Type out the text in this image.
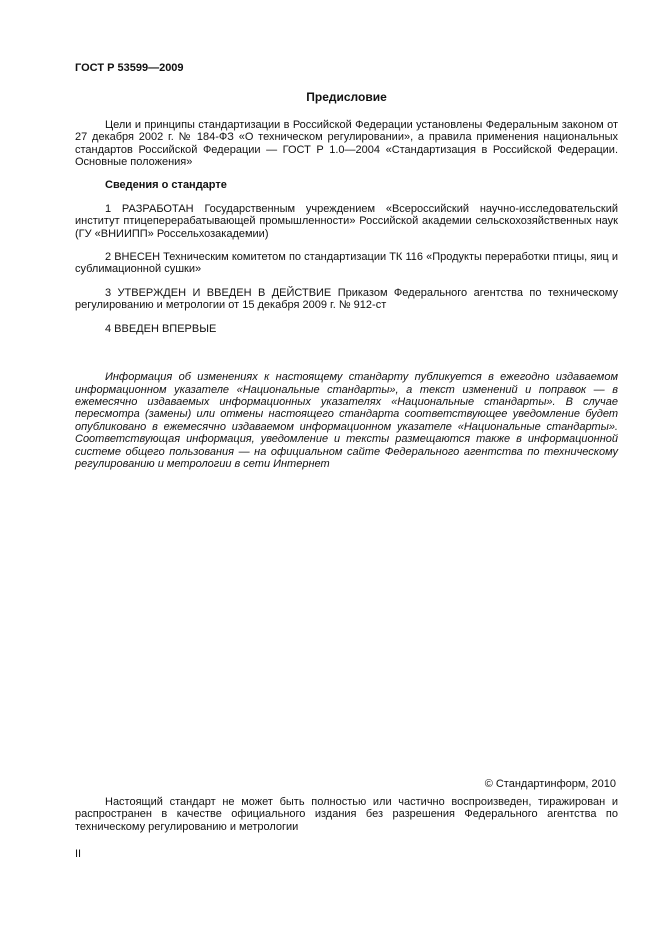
ГОСТ Р 53599—2009
Предисловие

Цели и принципы стандартизации в Российской Федерации установлены Федеральным законом от 27 декабря 2002 г. № 184-ФЗ «О техническом регулировании», а правила применения национальных стандартов Российской Федерации — ГОСТ Р 1.0—2004 «Стандартизация в Российской Федерации. Основные положения»

Сведения о стандарте

1 РАЗРАБОТАН Государственным учреждением «Всероссийский научно-исследовательский институт птицеперерабатывающей промышленности» Российской академии сельскохозяйственных наук (ГУ «ВНИИПП» Россельхозакадемии)

2 ВНЕСЕН Техническим комитетом по стандартизации ТК 116 «Продукты переработки птицы, яиц и сублимационной сушки»

3 УТВЕРЖДЕН И ВВЕДЕН В ДЕЙСТВИЕ Приказом Федерального агентства по техническому регулированию и метрологии от 15 декабря 2009 г. № 912-ст

4 ВВЕДЕН ВПЕРВЫЕ

Информация об изменениях к настоящему стандарту публикуется в ежегодно издаваемом информационном указателе «Национальные стандарты», а текст изменений и поправок — в ежемесячно издаваемых информационных указателях «Национальные стандарты». В случае пересмотра (замены) или отмены настоящего стандарта соответствующее уведомление будет опубликовано в ежемесячно издаваемом информационном указателе «Национальные стандарты». Соответствующая информация, уведомление и тексты размещаются также в информационной системе общего пользования — на официальном сайте Федерального агентства по техническому регулированию и метрологии в сети Интернет

© Стандартинформ, 2010

Настоящий стандарт не может быть полностью или частично воспроизведен, тиражирован и распространен в качестве официального издания без разрешения Федерального агентства по техническому регулированию и метрологии

II
